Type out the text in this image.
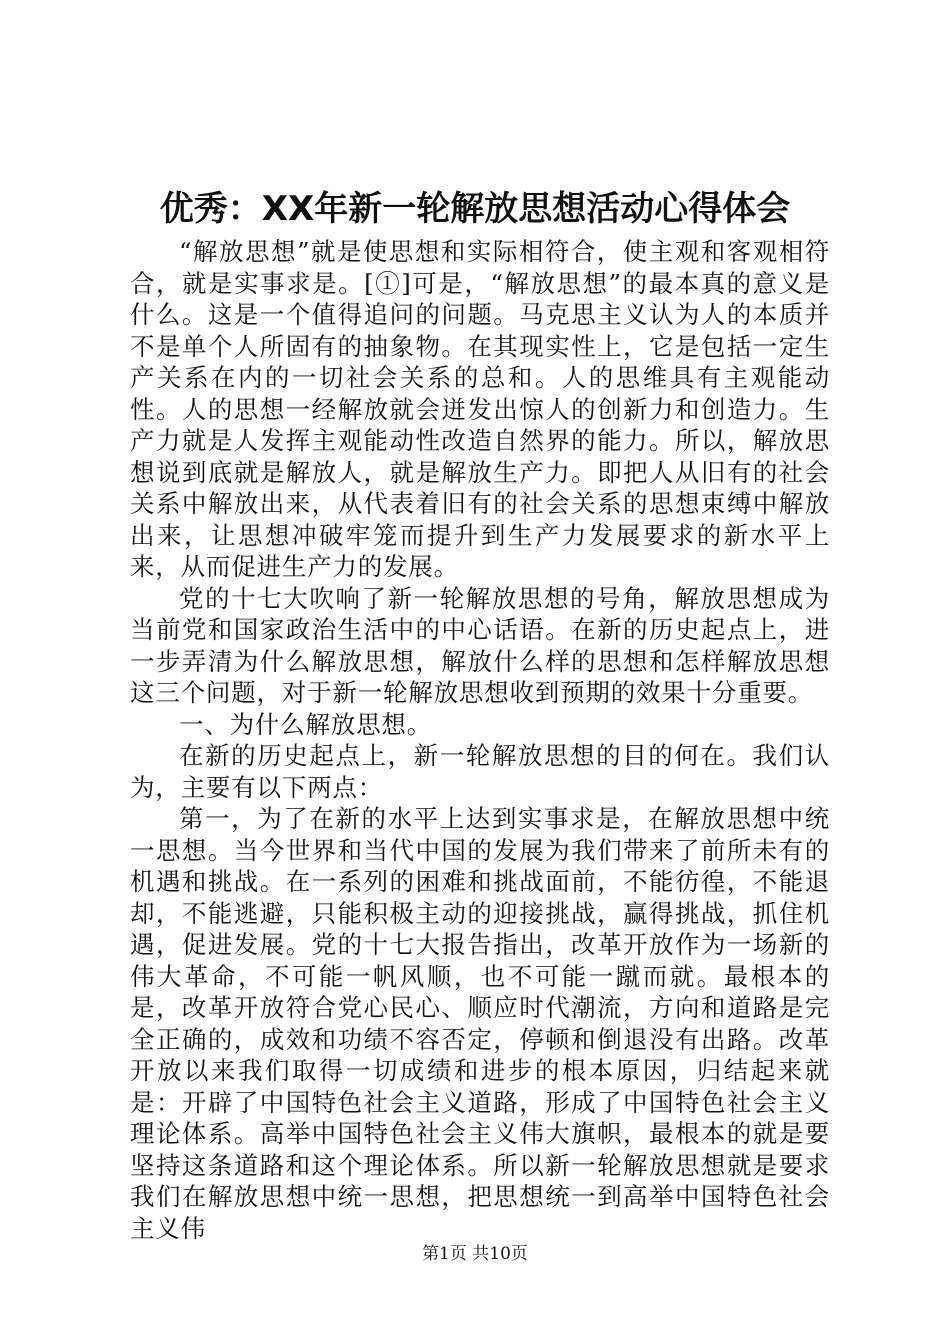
优秀：XX年新一轮解放思想活动心得体会

“解放思想”就是使思想和实际相符合，使主观和客观相符合，就是实事求是。[①]可是，“解放思想”的最本真的意义是什么。这是一个值得追问的问题。马克思主义认为人的本质并不是单个人所固有的抽象物。在其现实性上，它是包括一定生产关系在内的一切社会关系的总和。人的思维具有主观能动性。人的思想一经解放就会迸发出惊人的创新力和创造力。生产力就是人发挥主观能动性改造自然界的能力。所以，解放思想说到底就是解放人，就是解放生产力。即把人从旧有的社会关系中解放出来，从代表着旧有的社会关系的思想束缚中解放出来，让思想冲破牢笼而提升到生产力发展要求的新水平上来，从而促进生产力的发展。

党的十七大吹响了新一轮解放思想的号角，解放思想成为当前党和国家政治生活中的中心话语。在新的历史起点上，进一步弄清为什么解放思想，解放什么样的思想和怎样解放思想这三个问题，对于新一轮解放思想收到预期的效果十分重要。

一、为什么解放思想。

在新的历史起点上，新一轮解放思想的目的何在。我们认为，主要有以下两点：

第一，为了在新的水平上达到实事求是，在解放思想中统一思想。当今世界和当代中国的发展为我们带来了前所未有的机遇和挑战。在一系列的困难和挑战面前，不能彷徨，不能退却，不能逃避，只能积极主动的迎接挑战，赢得挑战，抓住机遇，促进发展。党的十七大报告指出，改革开放作为一场新的伟大革命，不可能一帆风顺，也不可能一蹴而就。最根本的是，改革开放符合党心民心、顺应时代潮流，方向和道路是完全正确的，成效和功绩不容否定，停顿和倒退没有出路。改革开放以来我们取得一切成绩和进步的根本原因，归结起来就是：开辟了中国特色社会主义道路，形成了中国特色社会主义理论体系。高举中国特色社会主义伟大旗帜，最根本的就是要坚持这条道路和这个理论体系。所以新一轮解放思想就是要求我们在解放思想中统一思想，把思想统一到高举中国特色社会主义伟

第1页 共10页
